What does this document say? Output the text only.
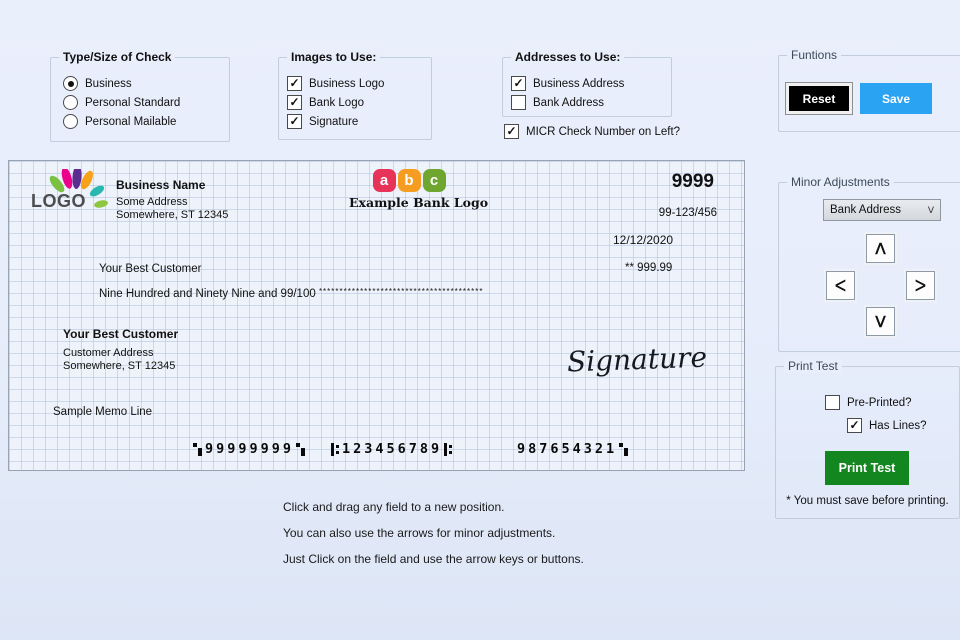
Type/Size of Check
Business
Personal Standard
Personal Mailable
Images to Use:
✓ Business Logo
✓ Bank Logo
✓ Signature
Addresses to Use:
✓ Business Address
Bank Address
✓ MICR Check Number on Left?
Funtions
Reset	Save
LOGO
Business Name
Some Address
Somewhere, ST 12345
a	b	c
Example Bank Logo
9999
99-123/456
12/12/2020
** 999.99
Your Best Customer
Nine Hundred and Ninety Nine and 99/100 ****************************************
Your Best Customer
Customer Address
Somewhere, ST 12345	Signature
Sample Memo Line
99999999	123456789	987654321
Minor Adjustments
Bank Address	ᐯ
ᐱ
ᐸ	ᐳ
ᐯ
Print Test
Pre-Printed?
✓ Has Lines?
Print Test
* You must save before printing.
Click and drag any field to a new position.
You can also use the arrows for minor adjustments.
Just Click on the field and use the arrow keys or buttons.
